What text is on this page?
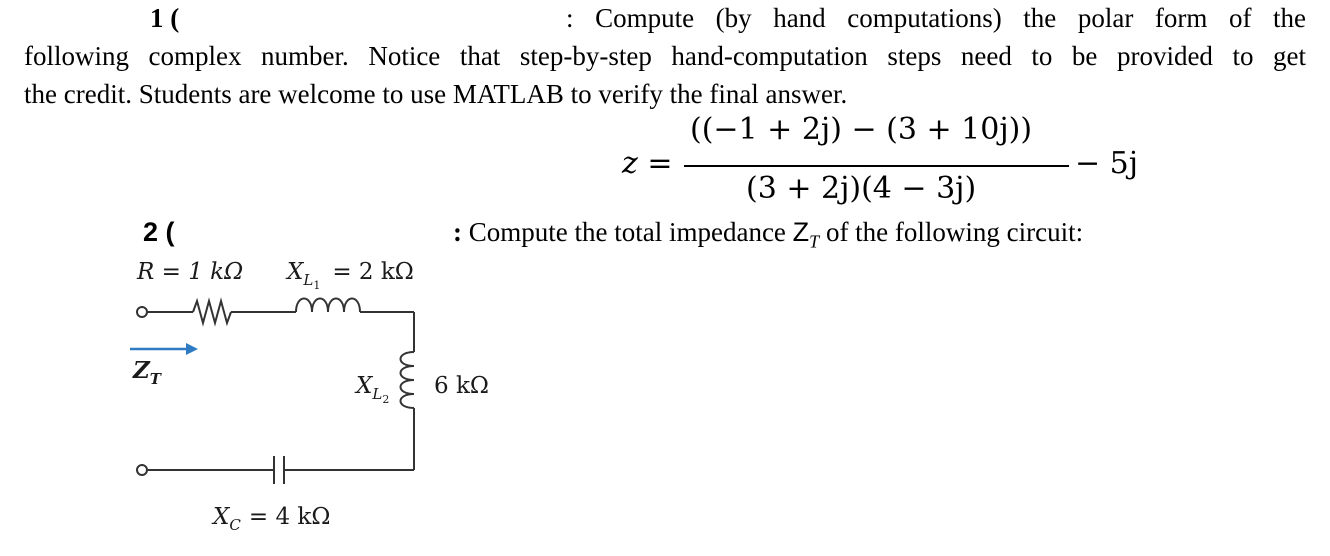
1 (	: Compute (by hand computations) the polar form of the
following complex number. Notice that step-by-step hand-computation steps need to be provided to get
the credit. Students are welcome to use MATLAB to verify the final answer.
z =
((−1 + 2j) − (3 + 10j))
(3 + 2j)(4 − 3j)
− 5j
2 (	: Compute the total impedance $Z_T$ of the following circuit:
R = 1 kΩ $X_L1= 2$ kΩ
$Z_T$	$X_L2$
6 kΩ
$X_C = 4$ kΩ
